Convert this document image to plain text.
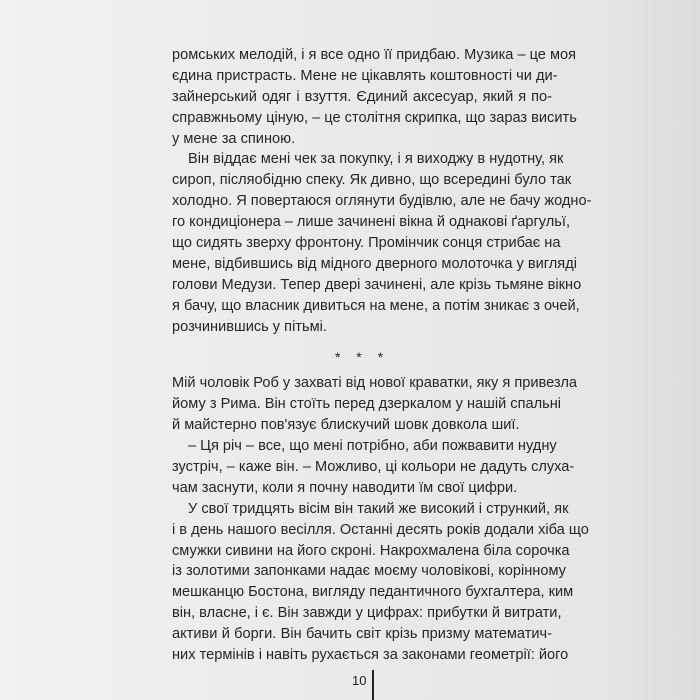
ромських мелодій, і я все одно її придбаю. Музика – це моя
єдина пристрасть. Мене не цікавлять коштовності чи ди-
зайнерський одяг і взуття. Єдиний аксесуар, який я по-
справжньому ціную, – це столітня скрипка, що зараз висить
у мене за спиною.
Він віддає мені чек за покупку, і я виходжу в нудотну, як
сироп, післяобідню спеку. Як дивно, що всередині було так
холодно. Я повертаюся оглянути будівлю, але не бачу жодно-
го кондиціонера – лише зачинені вікна й однакові ґаргульї,
що сидять зверху фронтону. Промінчик сонця стрибає на
мене, відбившись від мідного дверного молоточка у вигляді
голови Медузи. Тепер двері зачинені, але крізь тьмяне вікно
я бачу, що власник дивиться на мене, а потім зникає з очей,
розчинившись у пітьмі.
* * *
Мій чоловік Роб у захваті від нової краватки, яку я привезла
йому з Рима. Він стоїть перед дзеркалом у нашій спальні
й майстерно пов'язує блискучий шовк довкола шиї.
– Ця річ – все, що мені потрібно, аби пожвавити нудну
зустріч, – каже він. – Можливо, ці кольори не дадуть слуха-
чам заснути, коли я почну наводити їм свої цифри.
У свої тридцять вісім він такий же високий і стрункий, як
і в день нашого весілля. Останні десять років додали хіба що
смужки сивини на його скроні. Накрохмалена біла сорочка
із золотими запонками надає моєму чоловікові, корінному
мешканцю Бостона, вигляду педантичного бухгалтера, ким
він, власне, і є. Він завжди у цифрах: прибутки й витрати,
активи й борги. Він бачить світ крізь призму математич-
них термінів і навіть рухається за законами геометрії: його
10
